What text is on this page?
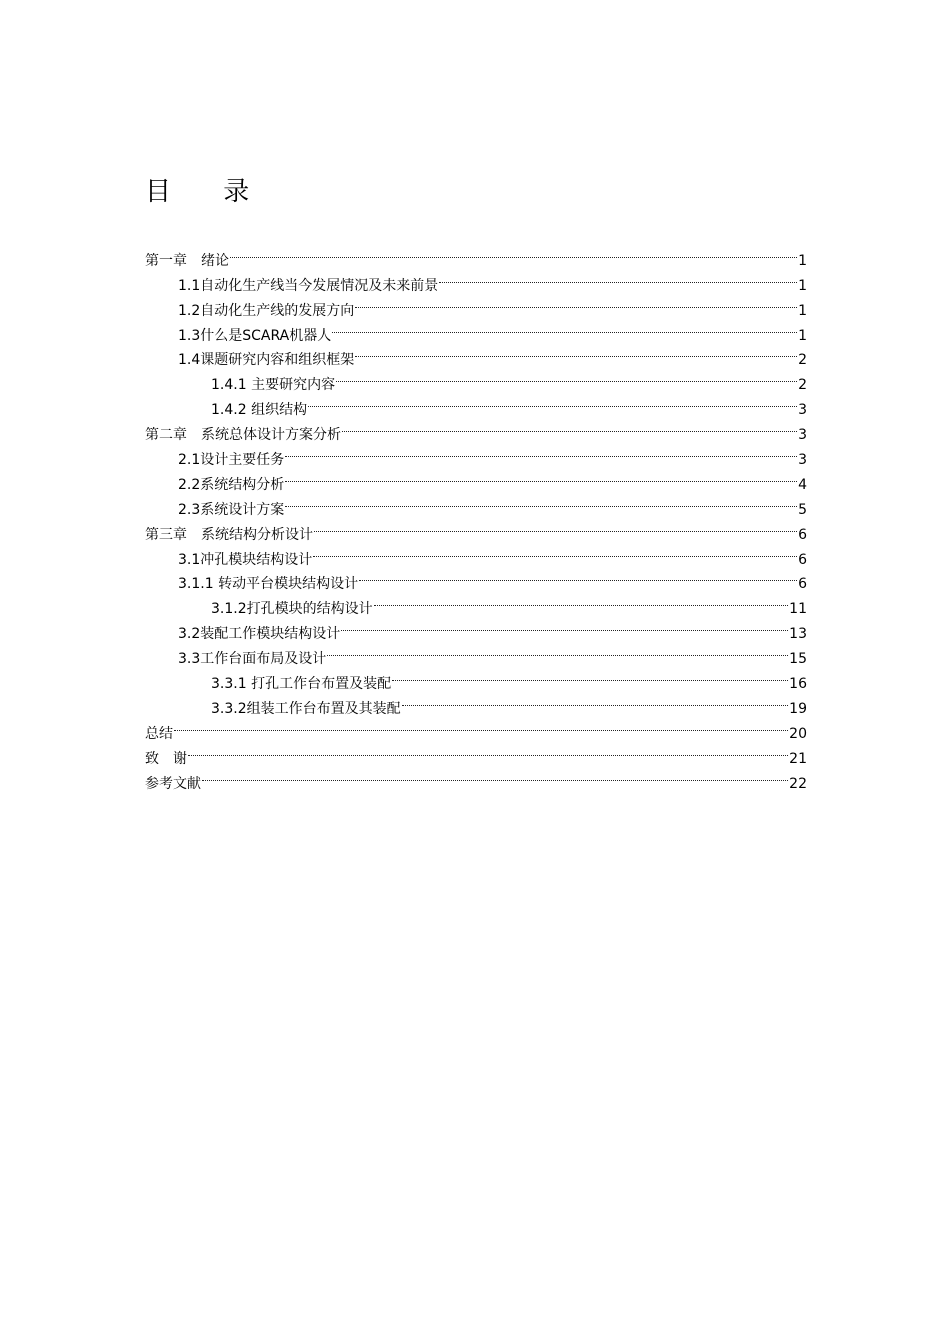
目 录
第一章　绪论	1
1.1自动化生产线当今发展情况及未来前景	1
1.2自动化生产线的发展方向	1
1.3什么是SCARA机器人	1
1.4课题研究内容和组织框架	2
1.4.1 主要研究内容	2
1.4.2 组织结构	3
第二章　系统总体设计方案分析	3
2.1设计主要任务	3
2.2系统结构分析	4
2.3系统设计方案	5
第三章　系统结构分析设计	6
3.1冲孔模块结构设计	6
3.1.1 转动平台模块结构设计	6
3.1.2打孔模块的结构设计	11
3.2装配工作模块结构设计	13
3.3工作台面布局及设计	15
3.3.1 打孔工作台布置及装配	16
3.3.2组装工作台布置及其装配	19
总结	20
致　谢	21
参考文献	22
